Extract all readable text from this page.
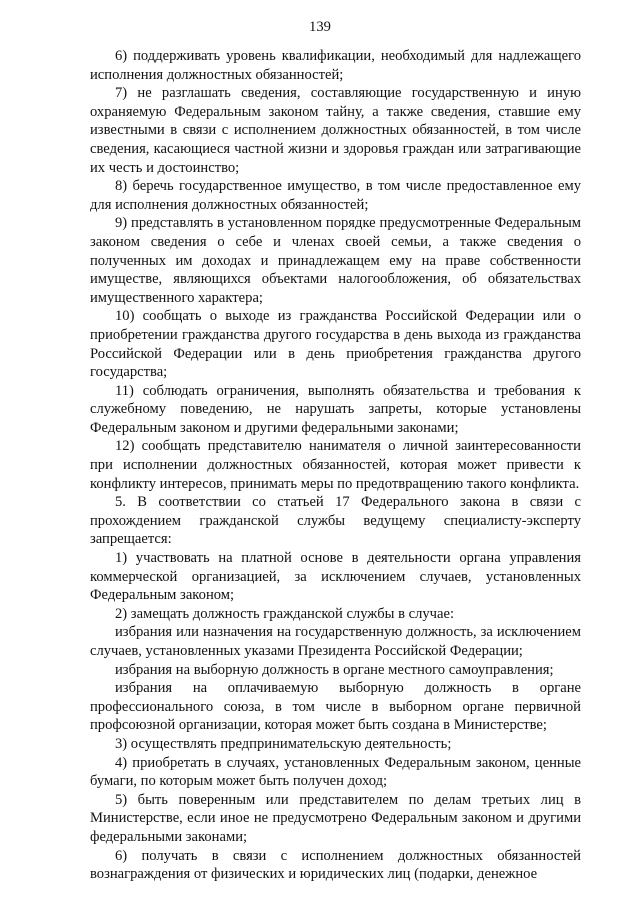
139

6) поддерживать уровень квалификации, необходимый для надлежащего исполнения должностных обязанностей;

7) не разглашать сведения, составляющие государственную и иную охраняемую Федеральным законом тайну, а также сведения, ставшие ему известными в связи с исполнением должностных обязанностей, в том числе сведения, касающиеся частной жизни и здоровья граждан или затрагивающие их честь и достоинство;

8) беречь государственное имущество, в том числе предоставленное ему для исполнения должностных обязанностей;

9) представлять в установленном порядке предусмотренные Федеральным законом сведения о себе и членах своей семьи, а также сведения о полученных им доходах и принадлежащем ему на праве собственности имуществе, являющихся объектами налогообложения, об обязательствах имущественного характера;

10) сообщать о выходе из гражданства Российской Федерации или о приобретении гражданства другого государства в день выхода из гражданства Российской Федерации или в день приобретения гражданства другого государства;

11) соблюдать ограничения, выполнять обязательства и требования к служебному поведению, не нарушать запреты, которые установлены Федеральным законом и другими федеральными законами;

12) сообщать представителю нанимателя о личной заинтересованности при исполнении должностных обязанностей, которая может привести к конфликту интересов, принимать меры по предотвращению такого конфликта.

5. В соответствии со статьей 17 Федерального закона в связи с прохождением гражданской службы ведущему специалисту-эксперту запрещается:

1) участвовать на платной основе в деятельности органа управления коммерческой организацией, за исключением случаев, установленных Федеральным законом;

2) замещать должность гражданской службы в случае:

избрания или назначения на государственную должность, за исключением случаев, установленных указами Президента Российской Федерации;

избрания на выборную должность в органе местного самоуправления;

избрания на оплачиваемую выборную должность в органе профессионального союза, в том числе в выборном органе первичной профсоюзной организации, которая может быть создана в Министерстве;

3) осуществлять предпринимательскую деятельность;

4) приобретать в случаях, установленных Федеральным законом, ценные бумаги, по которым может быть получен доход;

5) быть поверенным или представителем по делам третьих лиц в Министерстве, если иное не предусмотрено Федеральным законом и другими федеральными законами;

6) получать в связи с исполнением должностных обязанностей вознаграждения от физических и юридических лиц (подарки, денежное
